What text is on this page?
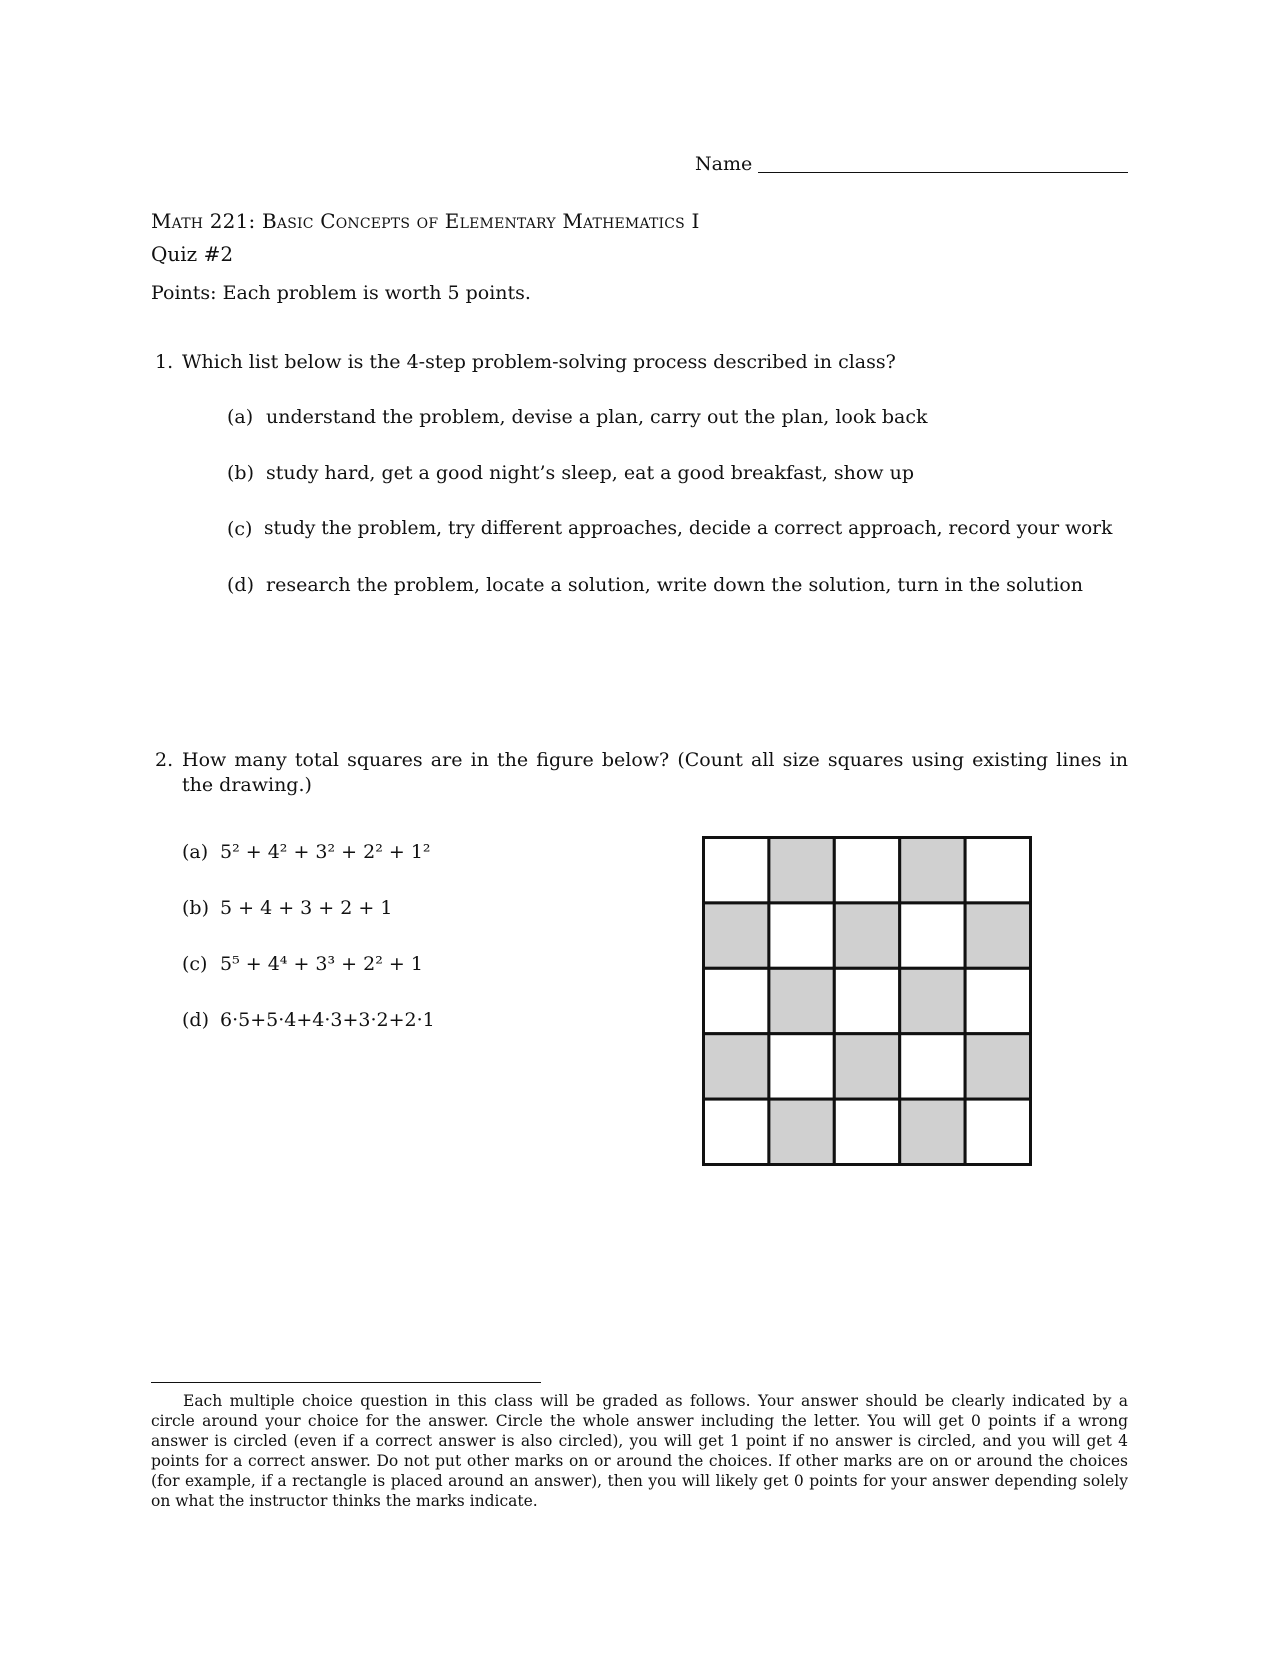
Name
Math 221: Basic Concepts of Elementary Mathematics I
Quiz #2
Points: Each problem is worth 5 points.
1. Which list below is the 4-step problem-solving process described in class?
(a) understand the problem, devise a plan, carry out the plan, look back
(b) study hard, get a good night’s sleep, eat a good breakfast, show up
(c) study the problem, try different approaches, decide a correct approach, record your work
(d) research the problem, locate a solution, write down the solution, turn in the solution
2. How many total squares are in the figure below? (Count all size squares using existing lines in the drawing.)
(a) 5² + 4² + 3² + 2² + 1²
(b) 5 + 4 + 3 + 2 + 1
(c) 5⁵ + 4⁴ + 3³ + 2² + 1
(d) 6·5+5·4+4·3+3·2+2·1
Each multiple choice question in this class will be graded as follows. Your answer should be clearly indicated by a circle around your choice for the answer. Circle the whole answer including the letter. You will get 0 points if a wrong answer is circled (even if a correct answer is also circled), you will get 1 point if no answer is circled, and you will get 4 points for a correct answer. Do not put other marks on or around the choices. If other marks are on or around the choices (for example, if a rectangle is placed around an answer), then you will likely get 0 points for your answer depending solely on what the instructor thinks the marks indicate.
